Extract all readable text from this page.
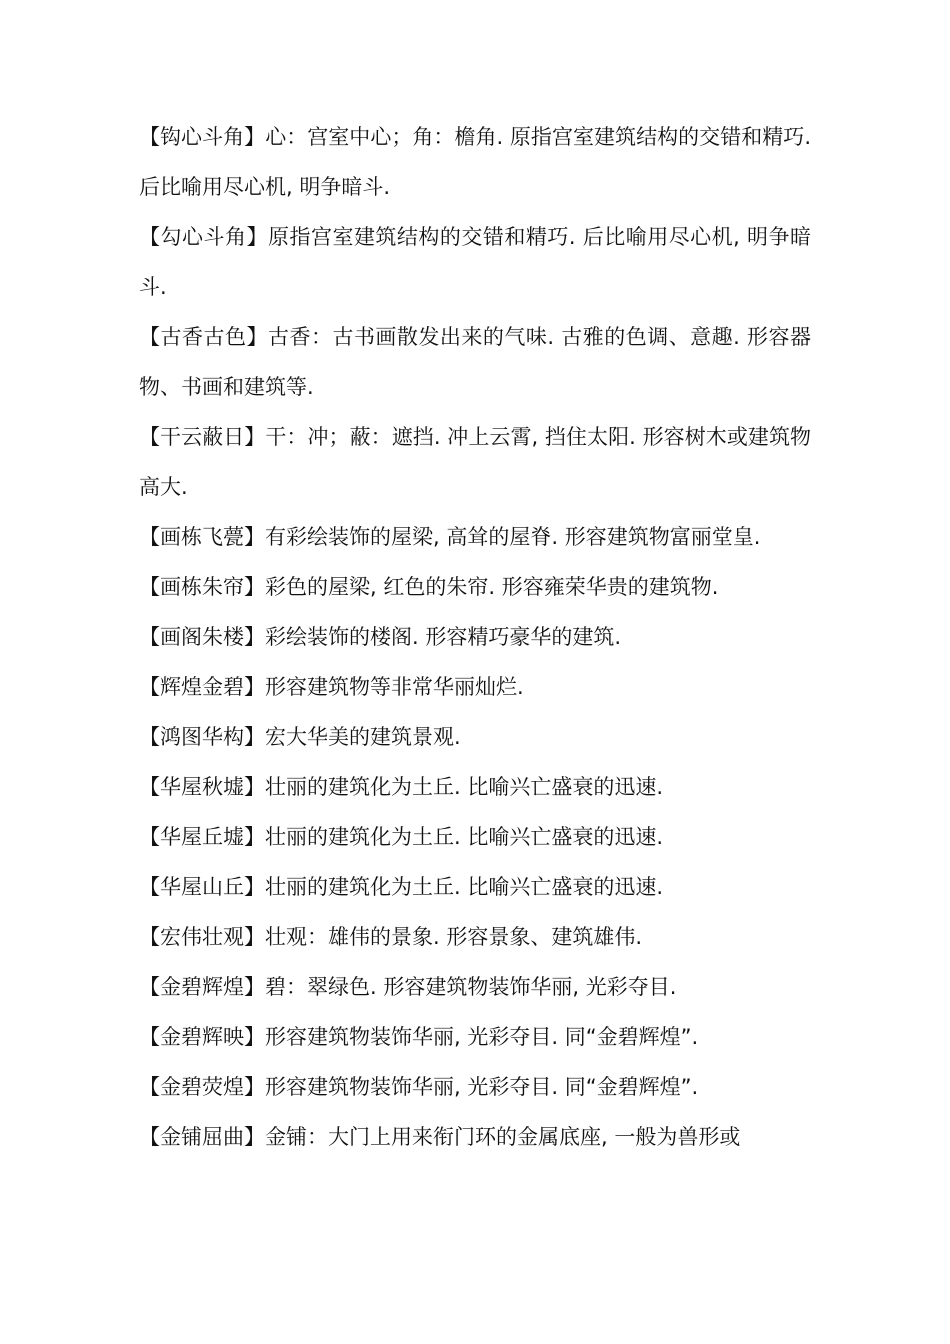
【钩心斗角】心：宫室中心；角：檐角. 原指宫室建筑结构的交错和精巧. 后比喻用尽心机, 明争暗斗.
【勾心斗角】原指宫室建筑结构的交错和精巧. 后比喻用尽心机, 明争暗斗.
【古香古色】古香：古书画散发出来的气味. 古雅的色调、意趣. 形容器物、书画和建筑等.
【干云蔽日】干：冲；蔽：遮挡. 冲上云霄, 挡住太阳. 形容树木或建筑物高大.
【画栋飞甍】有彩绘装饰的屋梁, 高耸的屋脊. 形容建筑物富丽堂皇.
【画栋朱帘】彩色的屋梁, 红色的朱帘. 形容雍荣华贵的建筑物.
【画阁朱楼】彩绘装饰的楼阁. 形容精巧豪华的建筑.
【辉煌金碧】形容建筑物等非常华丽灿烂.
【鸿图华构】宏大华美的建筑景观.
【华屋秋墟】壮丽的建筑化为土丘. 比喻兴亡盛衰的迅速.
【华屋丘墟】壮丽的建筑化为土丘. 比喻兴亡盛衰的迅速.
【华屋山丘】壮丽的建筑化为土丘. 比喻兴亡盛衰的迅速.
【宏伟壮观】壮观：雄伟的景象. 形容景象、建筑雄伟.
【金碧辉煌】碧：翠绿色. 形容建筑物装饰华丽, 光彩夺目.
【金碧辉映】形容建筑物装饰华丽, 光彩夺目. 同“金碧辉煌”.
【金碧荧煌】形容建筑物装饰华丽, 光彩夺目. 同“金碧辉煌”.
【金铺屈曲】金铺：大门上用来衔门环的金属底座, 一般为兽形或
